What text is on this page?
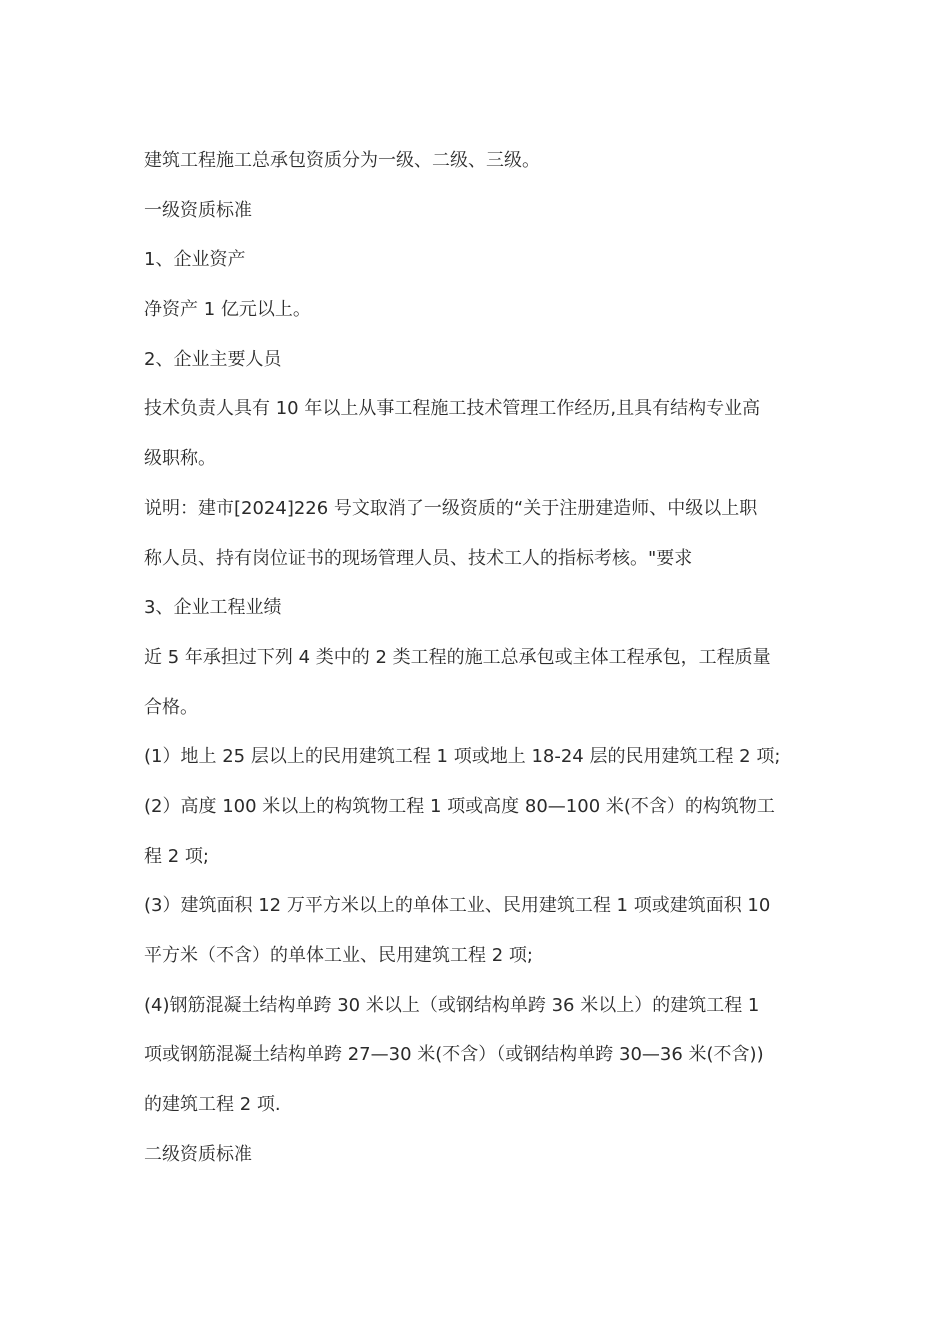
建筑工程施工总承包资质分为一级、二级、三级。
一级资质标准
1、企业资产
净资产 1 亿元以上。
2、企业主要人员
技术负责人具有 10 年以上从事工程施工技术管理工作经历,且具有结构专业高
级职称。
说明：建市[2024]226 号文取消了一级资质的“关于注册建造师、中级以上职
称人员、持有岗位证书的现场管理人员、技术工人的指标考核。"要求
3、企业工程业绩
近 5 年承担过下列 4 类中的 2 类工程的施工总承包或主体工程承包，工程质量
合格。
(1）地上 25 层以上的民用建筑工程 1 项或地上 18-24 层的民用建筑工程 2 项;
(2）高度 100 米以上的构筑物工程 1 项或高度 80—100 米(不含）的构筑物工
程 2 项;
(3）建筑面积 12 万平方米以上的单体工业、民用建筑工程 1 项或建筑面积 10
平方米（不含）的单体工业、民用建筑工程 2 项;
(4)钢筋混凝土结构单跨 30 米以上（或钢结构单跨 36 米以上）的建筑工程 1
项或钢筋混凝土结构单跨 27—30 米(不含）（或钢结构单跨 30—36 米(不含))
的建筑工程 2 项.
二级资质标准
